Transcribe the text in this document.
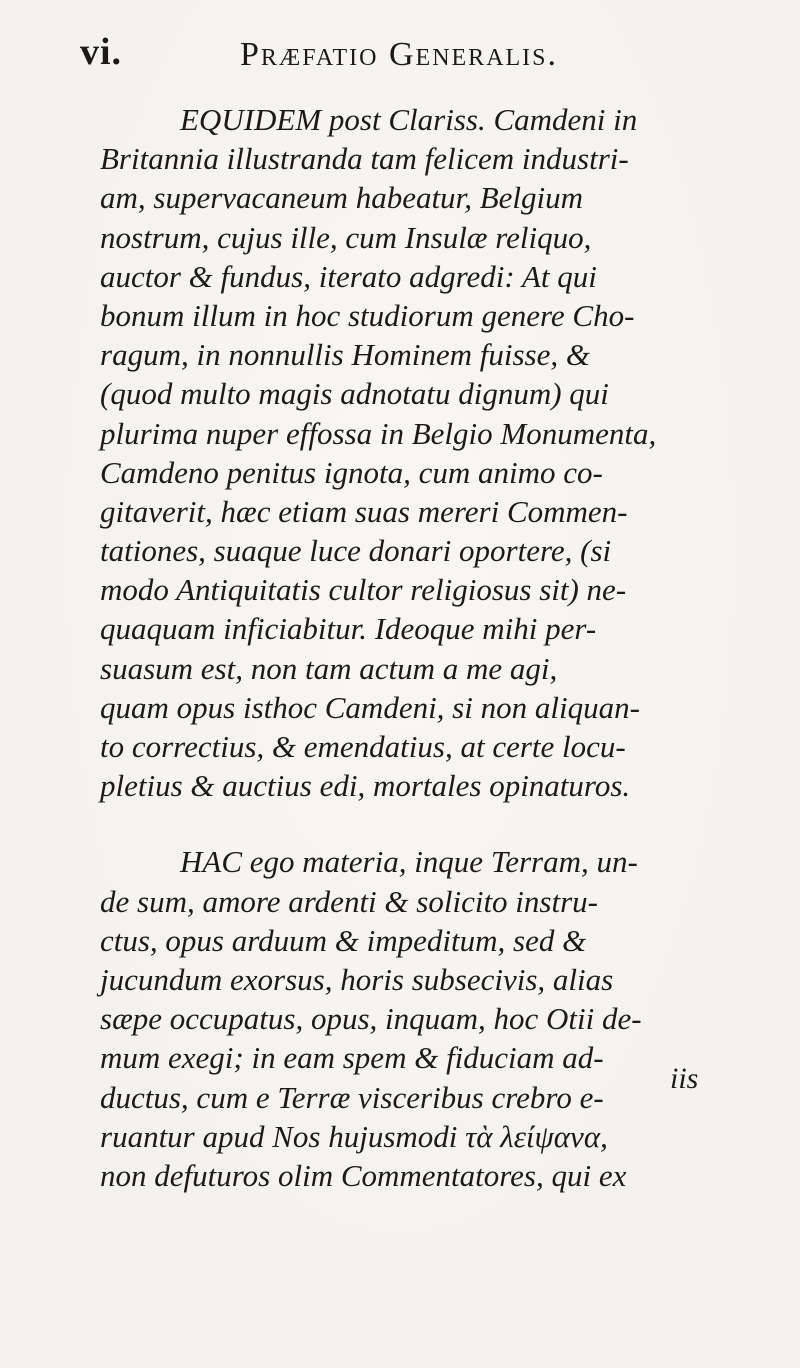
vi.	Præfatio Generalis.
EQUIDEM post Clariss. Camdeni in
Britannia illustranda tam felicem industri-
am, supervacaneum habeatur, Belgium
nostrum, cujus ille, cum Insulæ reliquo,
auctor & fundus, iterato adgredi: At qui
bonum illum in hoc studiorum genere Cho-
ragum, in nonnullis Hominem fuisse, &
(quod multo magis adnotatu dignum) qui
plurima nuper effossa in Belgio Monumenta,
Camdeno penitus ignota, cum animo co-
gitaverit, hæc etiam suas mereri Commen-
tationes, suaque luce donari oportere, (si
modo Antiquitatis cultor religiosus sit) ne-
quaquam inficiabitur. Ideoque mihi per-
suasum est, non tam actum a me agi,
quam opus isthoc Camdeni, si non aliquan-
to correctius, & emendatius, at certe locu-
pletius & auctius edi, mortales opinaturos.
HAC ego materia, inque Terram, un-
de sum, amore ardenti & solicito instru-
ctus, opus arduum & impeditum, sed &
jucundum exorsus, horis subsecivis, alias
sæpe occupatus, opus, inquam, hoc Otii de-
mum exegi; in eam spem & fiduciam ad-
ductus, cum e Terræ visceribus crebro e-
ruantur apud Nos hujusmodi τὰ λείψανα,
non defuturos olim Commentatores, qui ex
iis
